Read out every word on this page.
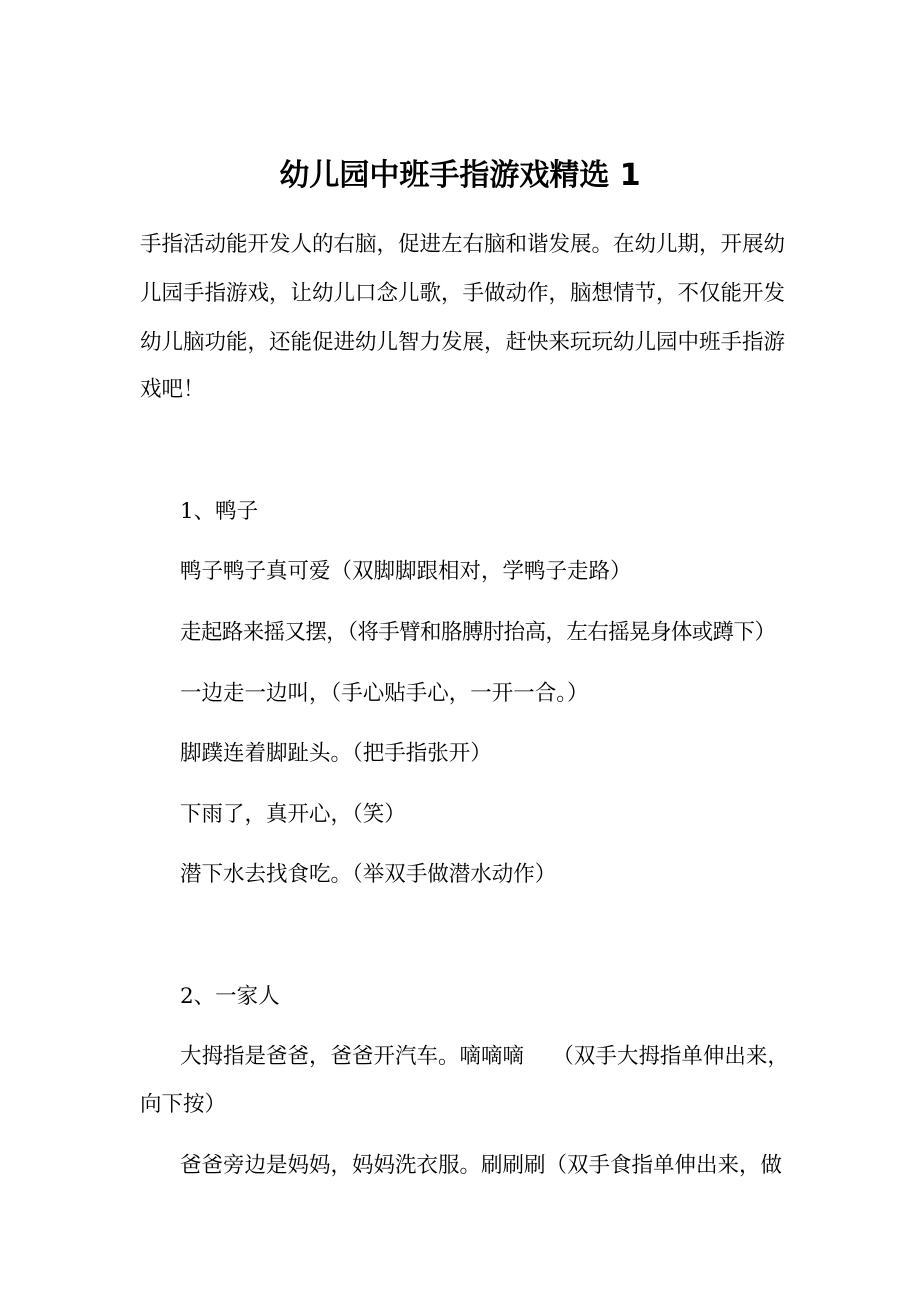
幼儿园中班手指游戏精选 1
手指活动能开发人的右脑，促进左右脑和谐发展。在幼儿期，开展幼
儿园手指游戏，让幼儿口念儿歌，手做动作，脑想情节，不仅能开发
幼儿脑功能，还能促进幼儿智力发展，赶快来玩玩幼儿园中班手指游
戏吧！
1、鸭子
鸭子鸭子真可爱（双脚脚跟相对，学鸭子走路）
走起路来摇又摆，（将手臂和胳膊肘抬高，左右摇晃身体或蹲下）
一边走一边叫，（手心贴手心，一开一合。）
脚蹼连着脚趾头。（把手指张开）
下雨了，真开心，（笑）
潜下水去找食吃。（举双手做潜水动作）
2、一家人
大拇指是爸爸，爸爸开汽车。嘀嘀嘀　 （双手大拇指单伸出来，
向下按）
爸爸旁边是妈妈，妈妈洗衣服。刷刷刷（双手食指单伸出来，做
